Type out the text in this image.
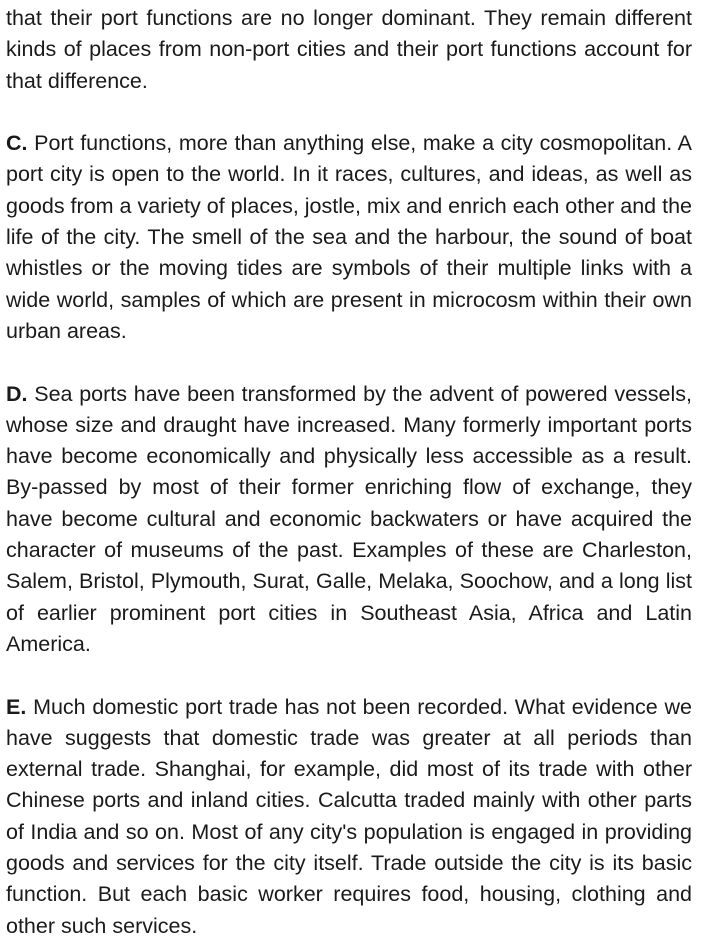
that their port functions are no longer dominant. They remain different kinds of places from non-port cities and their port functions account for that difference.

C. Port functions, more than anything else, make a city cosmopolitan. A port city is open to the world. In it races, cultures, and ideas, as well as goods from a variety of places, jostle, mix and enrich each other and the life of the city. The smell of the sea and the harbour, the sound of boat whistles or the moving tides are symbols of their multiple links with a wide world, samples of which are present in microcosm within their own urban areas.

D. Sea ports have been transformed by the advent of powered vessels, whose size and draught have increased. Many formerly important ports have become economically and physically less accessible as a result. By-passed by most of their former enriching flow of exchange, they have become cultural and economic backwaters or have acquired the character of museums of the past. Examples of these are Charleston, Salem, Bristol, Plymouth, Surat, Galle, Melaka, Soochow, and a long list of earlier prominent port cities in Southeast Asia, Africa and Latin America.

E. Much domestic port trade has not been recorded. What evidence we have suggests that domestic trade was greater at all periods than external trade. Shanghai, for example, did most of its trade with other Chinese ports and inland cities. Calcutta traded mainly with other parts of India and so on. Most of any city's population is engaged in providing goods and services for the city itself. Trade outside the city is its basic function. But each basic worker requires food, housing, clothing and other such services.
